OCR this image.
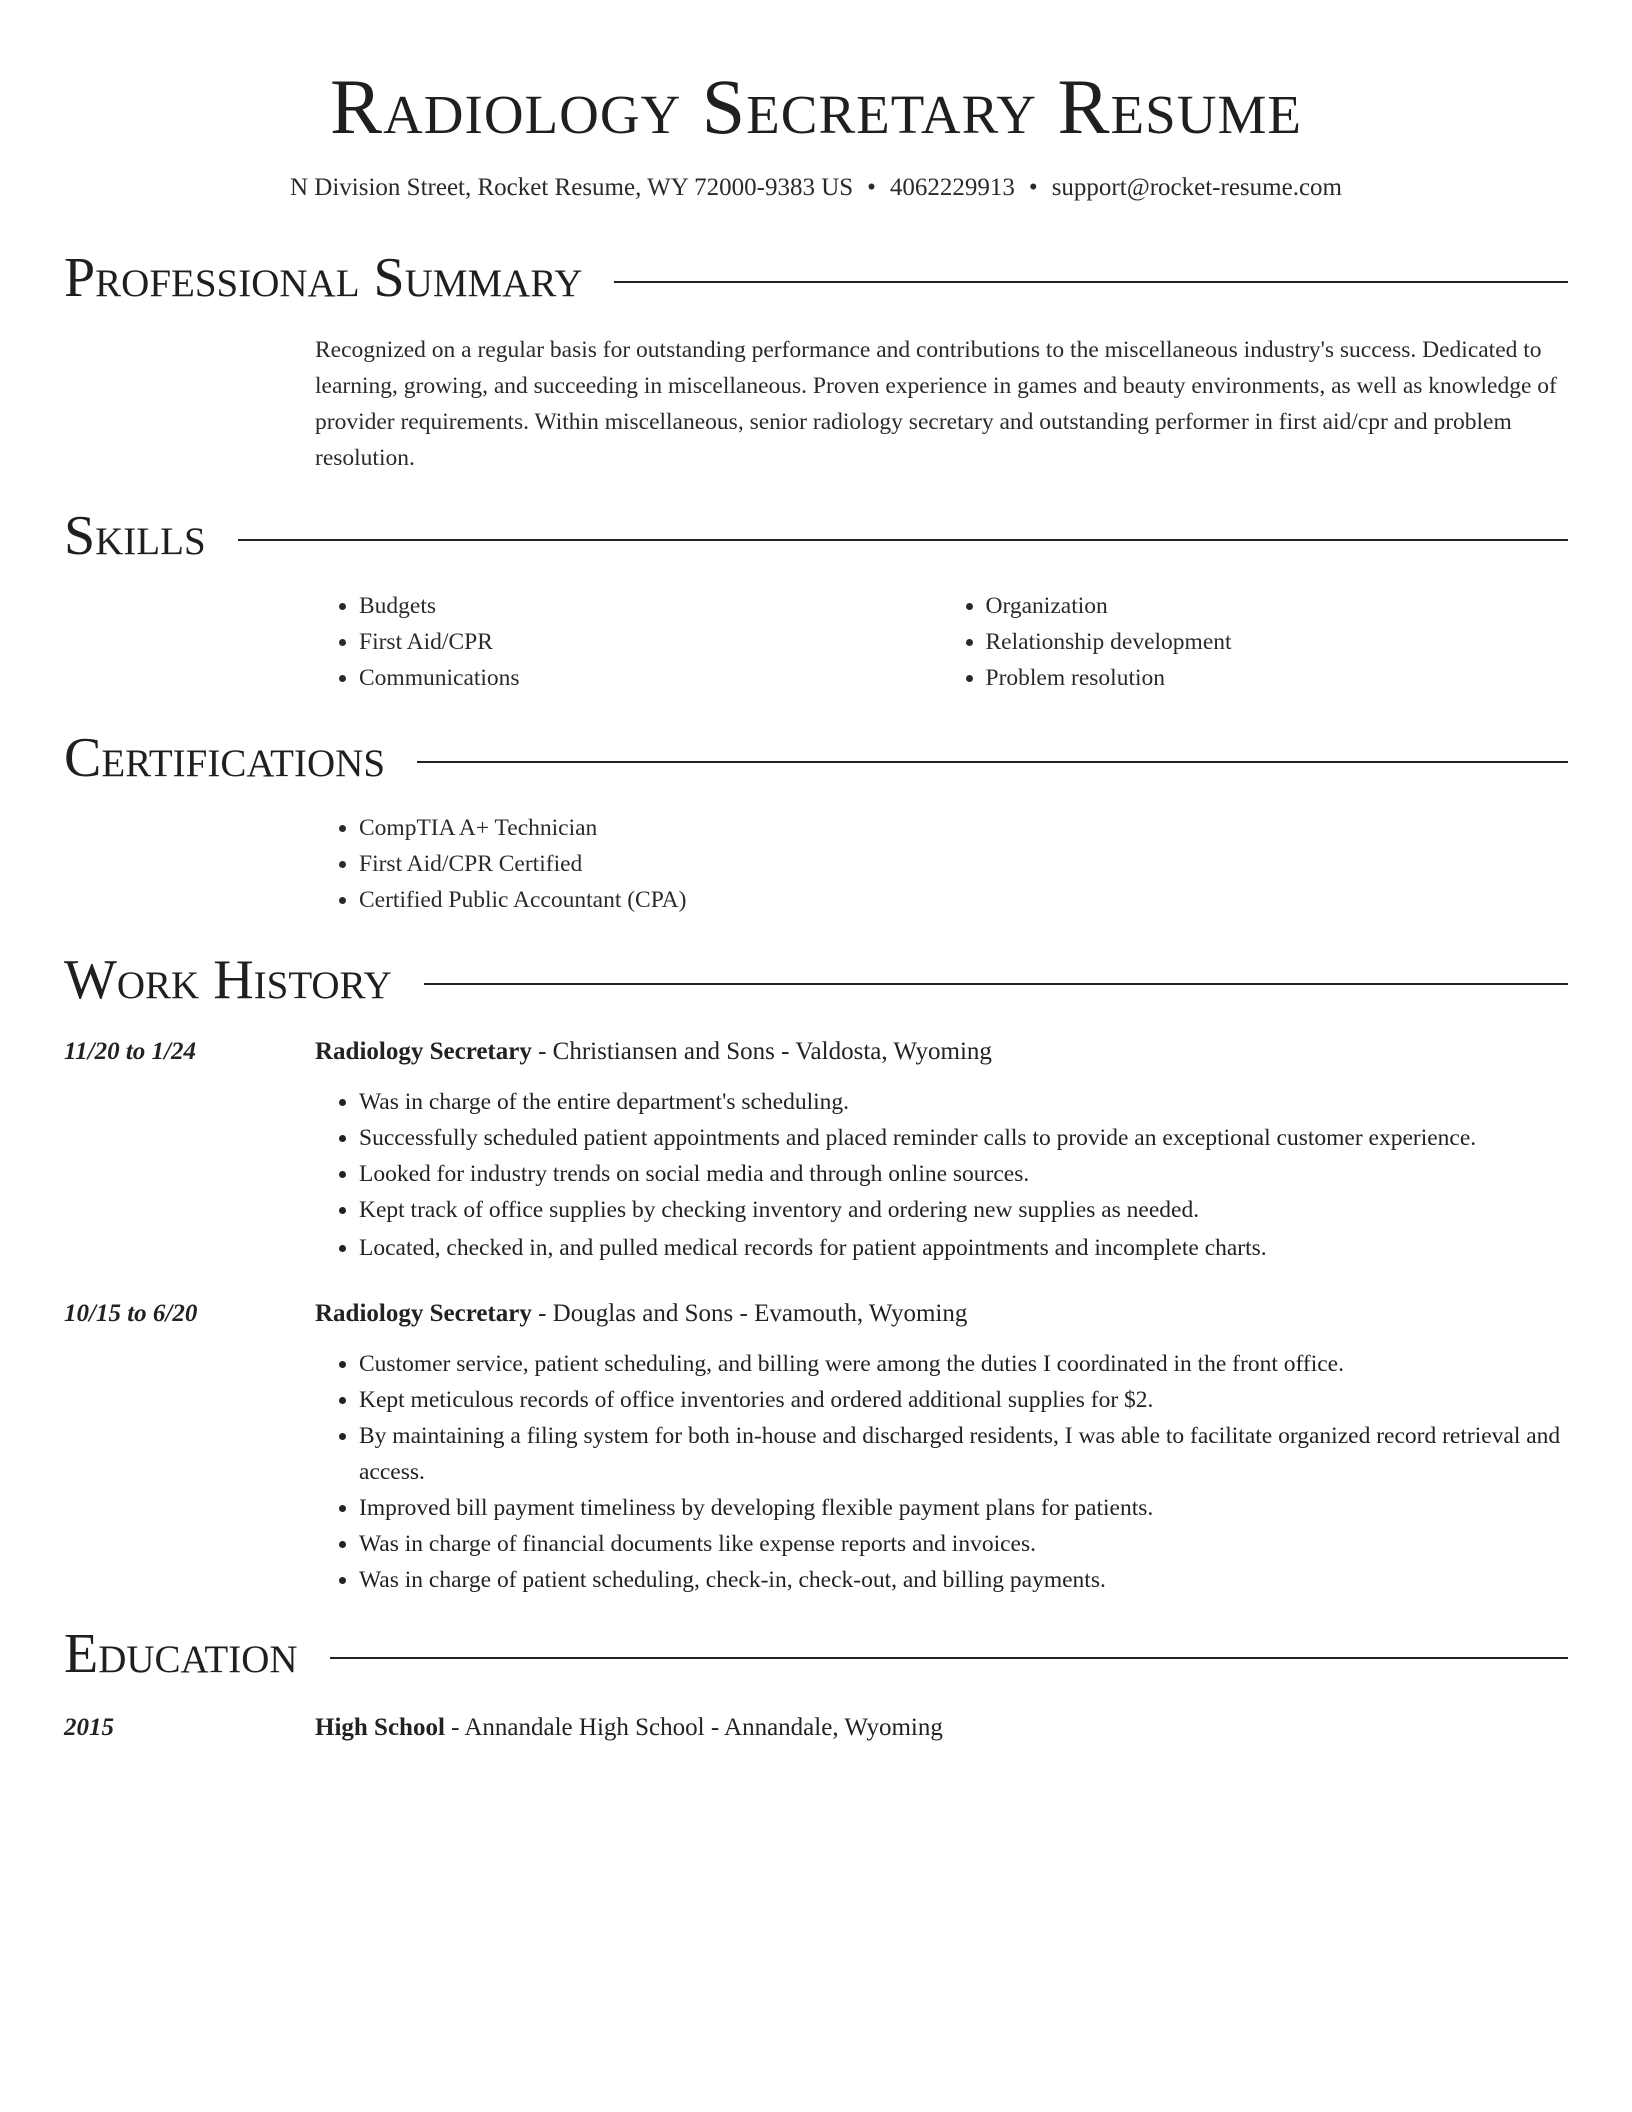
Radiology Secretary Resume
N Division Street, Rocket Resume, WY 72000-9383 US • 4062229913 • support@rocket-resume.com
Professional Summary
Recognized on a regular basis for outstanding performance and contributions to the miscellaneous industry's success. Dedicated to learning, growing, and succeeding in miscellaneous. Proven experience in games and beauty environments, as well as knowledge of provider requirements. Within miscellaneous, senior radiology secretary and outstanding performer in first aid/cpr and problem resolution.
Skills
• Budgets
• First Aid/CPR
• Communications
• Organization
• Relationship development
• Problem resolution
Certifications
• CompTIA A+ Technician
• First Aid/CPR Certified
• Certified Public Accountant (CPA)
Work History
11/20 to 1/24	Radiology Secretary - Christiansen and Sons - Valdosta, Wyoming
• Was in charge of the entire department's scheduling.
• Successfully scheduled patient appointments and placed reminder calls to provide an exceptional customer experience.
• Looked for industry trends on social media and through online sources.
• Kept track of office supplies by checking inventory and ordering new supplies as needed.
• Located, checked in, and pulled medical records for patient appointments and incomplete charts.
10/15 to 6/20	Radiology Secretary - Douglas and Sons - Evamouth, Wyoming
• Customer service, patient scheduling, and billing were among the duties I coordinated in the front office.
• Kept meticulous records of office inventories and ordered additional supplies for $2.
• By maintaining a filing system for both in-house and discharged residents, I was able to facilitate organized record retrieval and access.
• Improved bill payment timeliness by developing flexible payment plans for patients.
• Was in charge of financial documents like expense reports and invoices.
• Was in charge of patient scheduling, check-in, check-out, and billing payments.
Education
2015	High School - Annandale High School - Annandale, Wyoming
